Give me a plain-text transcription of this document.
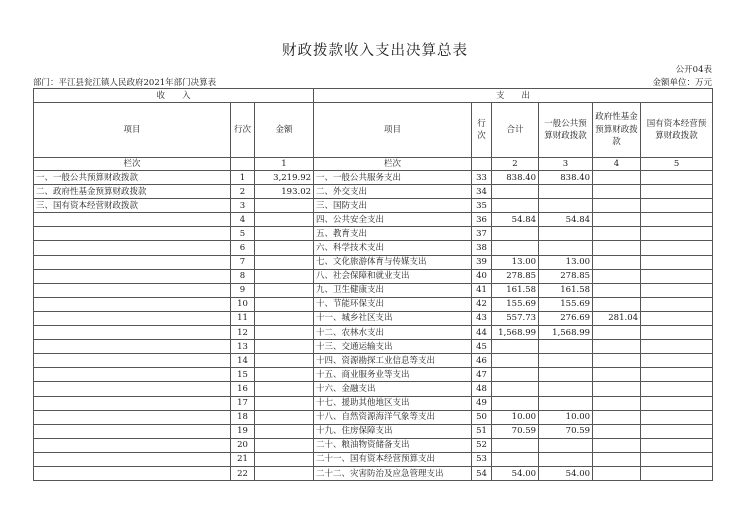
财政拨款收入支出决算总表
公开04表
部门：平江县瓮江镇人民政府2021年部门决算表	金额单位：万元
收　　入			支　　出					
项目	行次	金额	项目	行次	合计	一般公共预算财政拨款	政府性基金预算财政拨款	国有资本经营预算财政拨款
栏次		1	栏次		2	3	4	5
一、一般公共预算财政拨款	1	3,219.92	一、一般公共服务支出	33	838.40	838.40		
二、政府性基金预算财政拨款	2	193.02	二、外交支出	34				
三、国有资本经营财政拨款	3		三、国防支出	35				
	4		四、公共安全支出	36	54.84	54.84		
	5		五、教育支出	37				
	6		六、科学技术支出	38				
	7		七、文化旅游体育与传媒支出	39	13.00	13.00		
	8		八、社会保障和就业支出	40	278.85	278.85		
	9		九、卫生健康支出	41	161.58	161.58		
	10		十、节能环保支出	42	155.69	155.69		
	11		十一、城乡社区支出	43	557.73	276.69	281.04	
	12		十二、农林水支出	44	1,568.99	1,568.99		
	13		十三、交通运输支出	45				
	14		十四、资源勘探工业信息等支出	46				
	15		十五、商业服务业等支出	47				
	16		十六、金融支出	48				
	17		十七、援助其他地区支出	49				
	18		十八、自然资源海洋气象等支出	50	10.00	10.00		
	19		十九、住房保障支出	51	70.59	70.59		
	20		二十、粮油物资储备支出	52				
	21		二十一、国有资本经营预算支出	53				
	22		二十二、灾害防治及应急管理支出	54	54.00	54.00		
